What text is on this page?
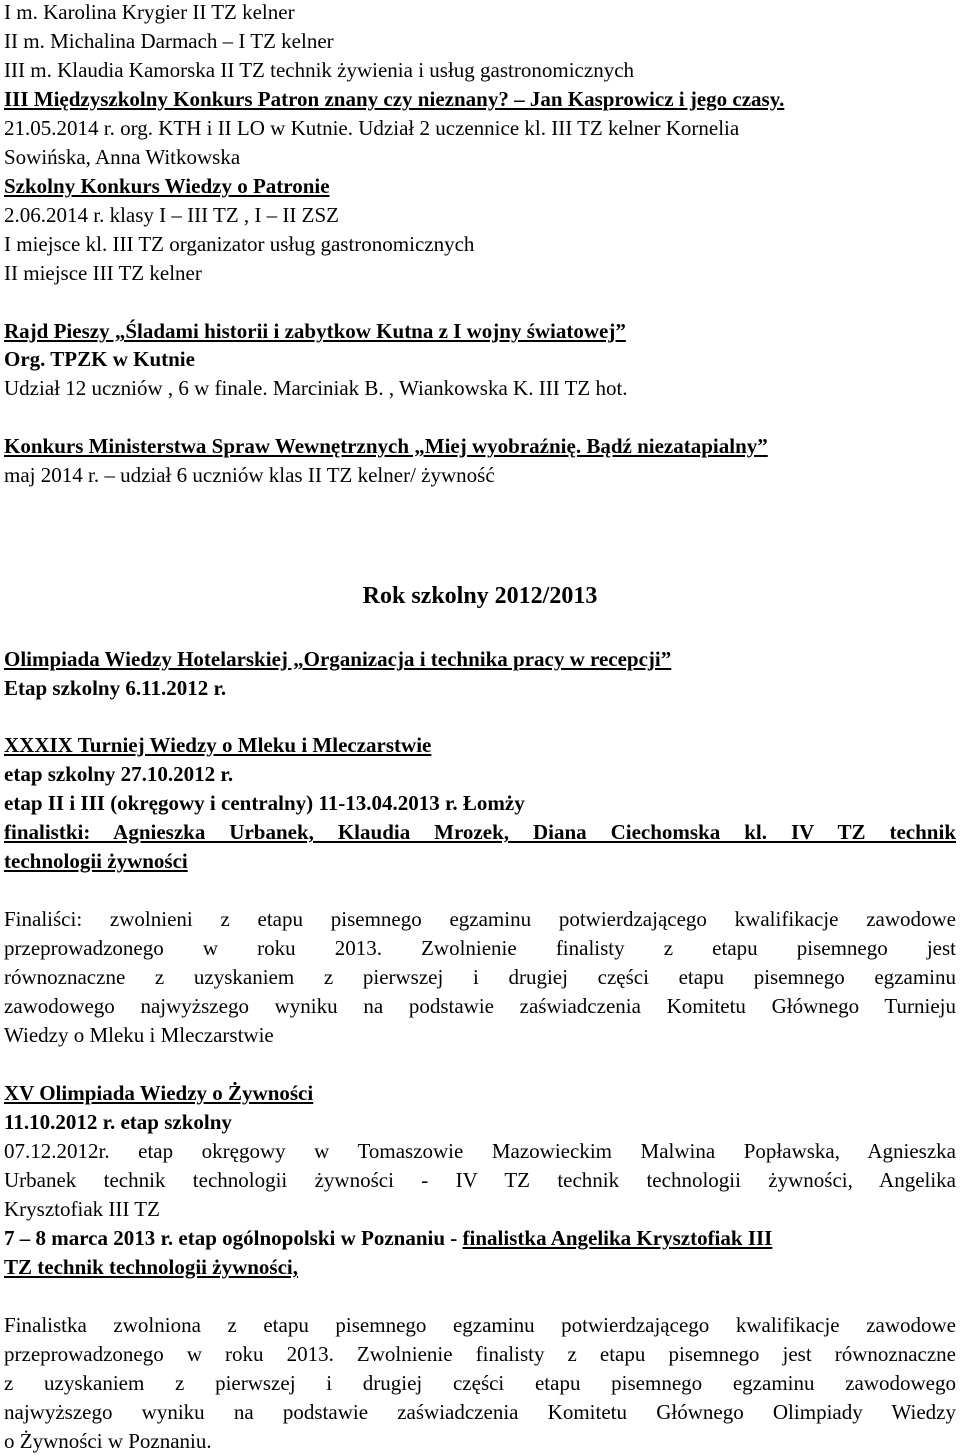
I m. Karolina Krygier II TZ kelner
II m. Michalina Darmach – I TZ kelner
III m. Klaudia Kamorska II TZ technik żywienia i usług gastronomicznych
III Międzyszkolny Konkurs Patron znany czy nieznany? – Jan Kasprowicz i jego czasy.
21.05.2014 r. org. KTH i II LO w Kutnie. Udział 2 uczennice kl. III TZ kelner Kornelia
Sowińska, Anna Witkowska
Szkolny Konkurs Wiedzy o Patronie
2.06.2014 r. klasy I – III TZ , I – II ZSZ
I miejsce kl. III TZ organizator usług gastronomicznych
II miejsce III TZ kelner
Rajd Pieszy „Śladami historii i zabytkow Kutna z I wojny światowej”
Org. TPZK w Kutnie
Udział 12 uczniów , 6 w finale. Marciniak B. , Wiankowska K. III TZ hot.
Konkurs Ministerstwa Spraw Wewnętrznych „Miej wyobraźnię. Bądź niezatapialny”
maj 2014 r. – udział 6 uczniów klas II TZ kelner/ żywność
Rok szkolny 2012/2013
Olimpiada Wiedzy Hotelarskiej „Organizacja i technika pracy w recepcji”
Etap szkolny 6.11.2012 r.
XXXIX Turniej Wiedzy o Mleku i Mleczarstwie
etap szkolny 27.10.2012 r.
etap II i III (okręgowy i centralny) 11-13.04.2013 r. Łomży
finalistki: Agnieszka Urbanek, Klaudia Mrozek, Diana Ciechomska kl. IV TZ technik
technologii żywności
Finaliści: zwolnieni z etapu pisemnego egzaminu potwierdzającego kwalifikacje zawodowe
przeprowadzonego w roku 2013. Zwolnienie finalisty z etapu pisemnego jest
równoznaczne z uzyskaniem z pierwszej i drugiej części etapu pisemnego egzaminu
zawodowego najwyższego wyniku na podstawie zaświadczenia Komitetu Głównego Turnieju
Wiedzy o Mleku i Mleczarstwie
XV Olimpiada Wiedzy o Żywności
11.10.2012 r. etap szkolny
07.12.2012r. etap okręgowy w Tomaszowie Mazowieckim Malwina Popławska, Agnieszka
Urbanek technik technologii żywności - IV TZ technik technologii żywności, Angelika
Krysztofiak III TZ
7 – 8 marca 2013 r. etap ogólnopolski w Poznaniu - finalistka Angelika Krysztofiak III
TZ technik technologii żywności,
Finalistka zwolniona z etapu pisemnego egzaminu potwierdzającego kwalifikacje zawodowe
przeprowadzonego w roku 2013. Zwolnienie finalisty z etapu pisemnego jest równoznaczne
z uzyskaniem z pierwszej i drugiej części etapu pisemnego egzaminu zawodowego
najwyższego wyniku na podstawie zaświadczenia Komitetu Głównego Olimpiady Wiedzy
o Żywności w Poznaniu.
